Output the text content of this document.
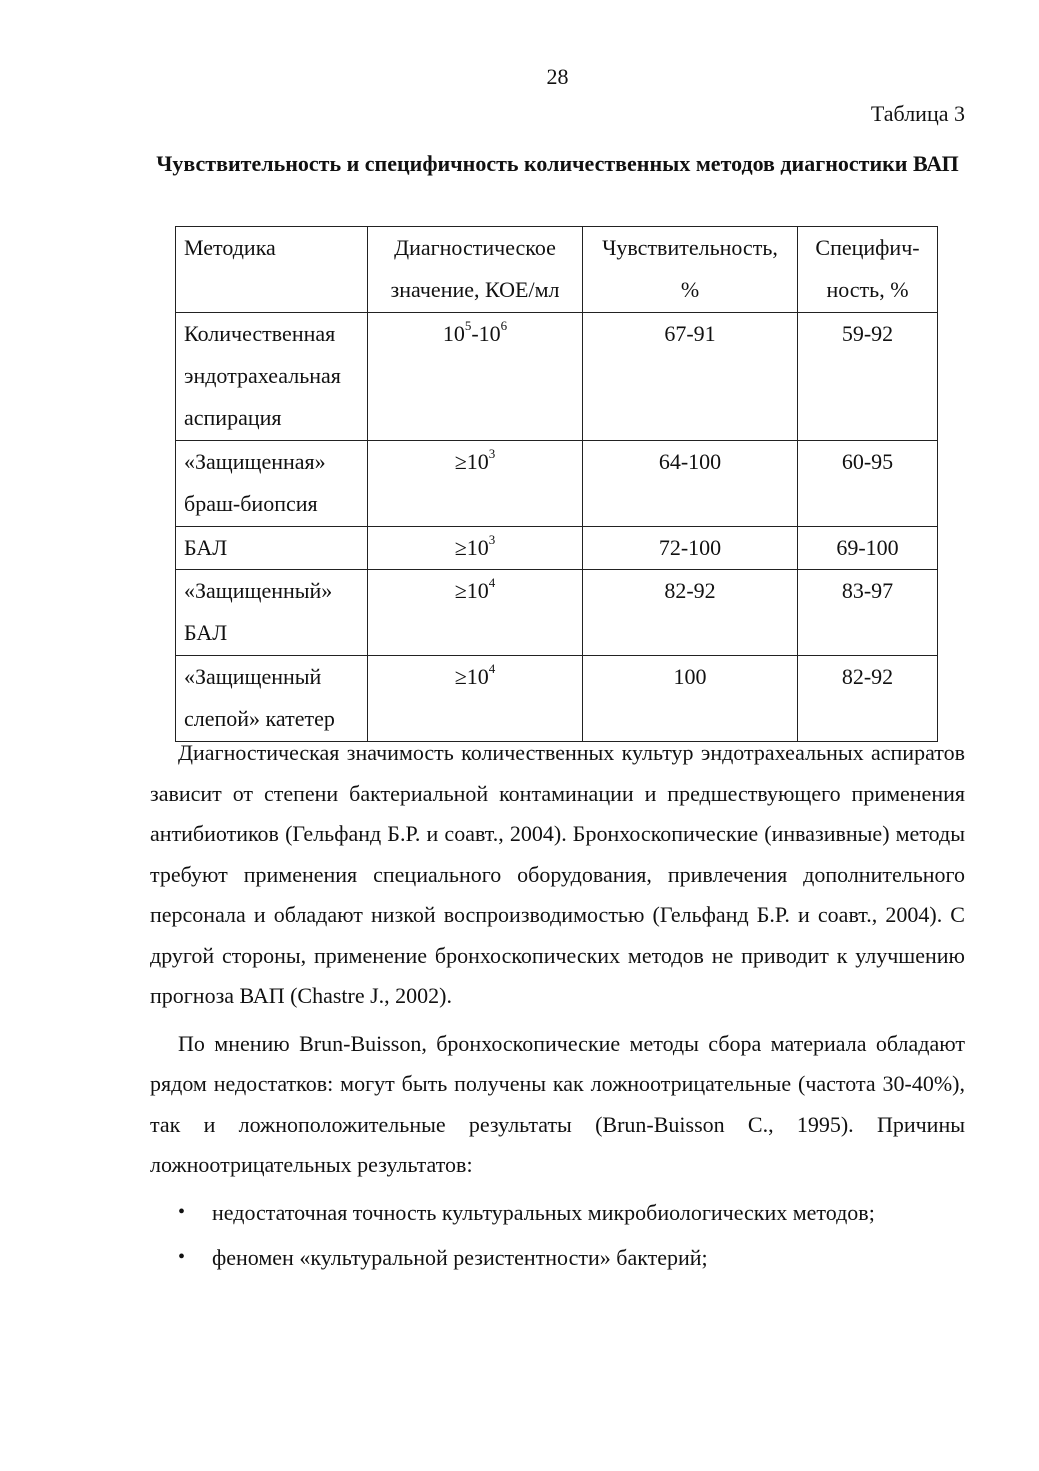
28
Таблица 3
Чувствительность и специфичность количественных методов диагностики ВАП
Методика	Диагностическое значение, КОЕ/мл	Чувствительность, %	Специфич-ность, %
Количественная эндотрахеальная аспирация	$10^5-10^6$	67-91	59-92
«Защищенная» браш-биопсия	$\ge 10^3$	64-100	60-95
БАЛ	$\ge 10^3$	72-100	69-100
«Защищенный» БАЛ	$\ge 10^4$	82-92	83-97
«Защищенный слепой» катетер	$\ge 10^4$	100	82-92

Диагностическая значимость количественных культур эндотрахеальных аспиратов зависит от степени бактериальной контаминации и предшествующего применения антибиотиков (Гельфанд Б.Р. и соавт., 2004). Бронхоскопические (инвазивные) методы требуют применения специального оборудования, привлечения дополнительного персонала и обладают низкой воспроизводимостью (Гельфанд Б.Р. и соавт., 2004). С другой стороны, применение бронхоскопических методов не приводит к улучшению прогноза ВАП (Chastre J., 2002).

По мнению Brun-Buisson, бронхоскопические методы сбора материала обладают рядом недостатков: могут быть получены как ложноотрицательные (частота 30-40%), так и ложноположительные результаты (Brun-Buisson C., 1995). Причины ложноотрицательных результатов:

• недостаточная точность культуральных микробиологических методов;
• феномен «культуральной резистентности» бактерий;
